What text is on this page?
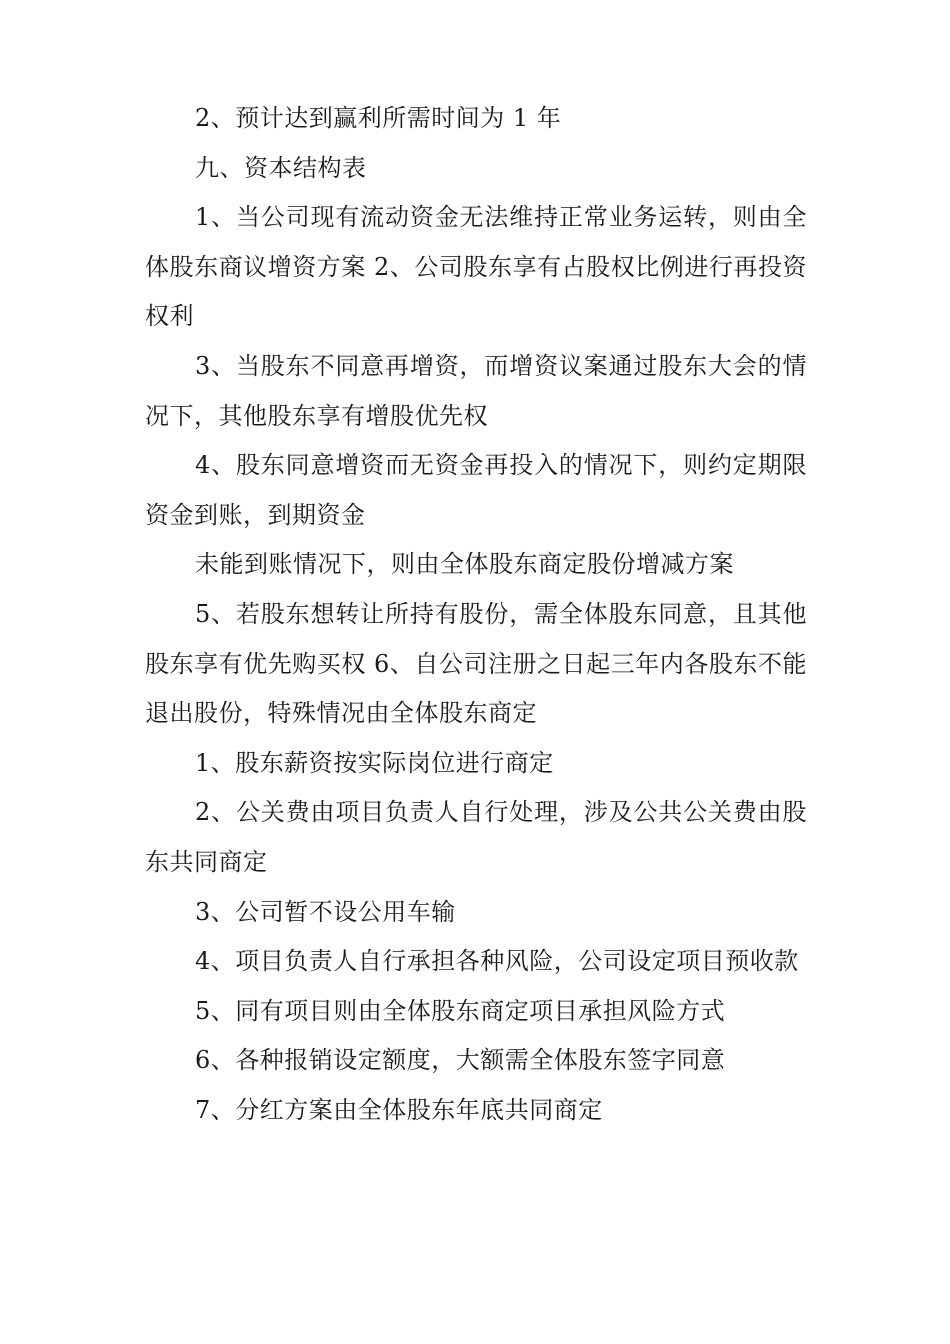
2、预计达到赢利所需时间为 1 年

九、资本结构表

1、当公司现有流动资金无法维持正常业务运转，则由全体股东商议增资方案 2、公司股东享有占股权比例进行再投资权利

3、当股东不同意再增资，而增资议案通过股东大会的情况下，其他股东享有增股优先权

4、股东同意增资而无资金再投入的情况下，则约定期限资金到账，到期资金

未能到账情况下，则由全体股东商定股份增减方案

5、若股东想转让所持有股份，需全体股东同意，且其他股东享有优先购买权 6、自公司注册之日起三年内各股东不能退出股份，特殊情况由全体股东商定

1、股东薪资按实际岗位进行商定

2、公关费由项目负责人自行处理，涉及公共公关费由股东共同商定

3、公司暂不设公用车输

4、项目负责人自行承担各种风险，公司设定项目预收款

5、同有项目则由全体股东商定项目承担风险方式

6、各种报销设定额度，大额需全体股东签字同意

7、分红方案由全体股东年底共同商定
